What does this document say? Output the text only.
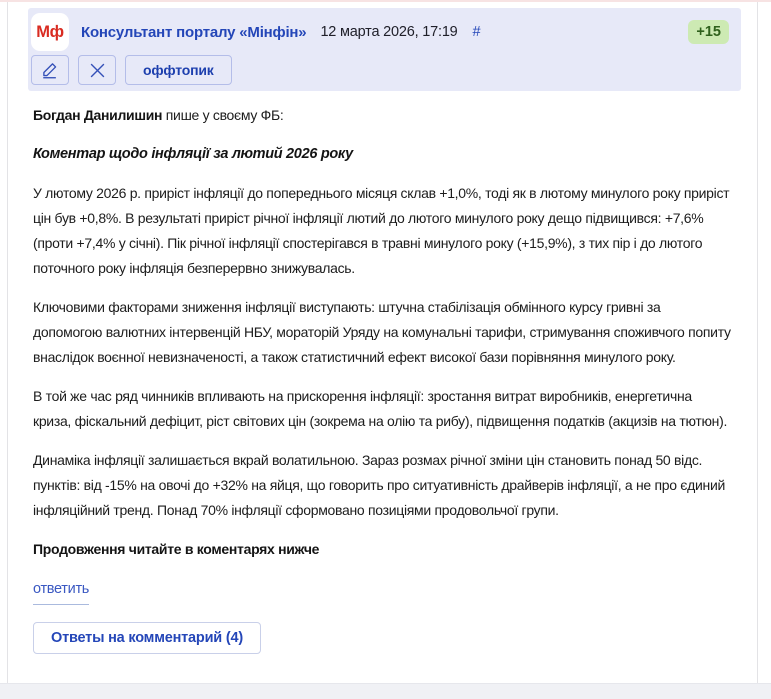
Мф Консультант порталу «Мінфін» 12 марта 2026, 17:19 #	+15
оффтопик

Богдан Данилишин пише у своєму ФБ:

Коментар щодо інфляції за лютий 2026 року

У лютому 2026 р. приріст інфляції до попереднього місяця склав +1,0%, тоді як в лютому минулого року приріст цін був +0,8%. В результаті приріст річної інфляції лютий до лютого минулого року дещо підвищився: +7,6% (проти +7,4% у січні). Пік річної інфляції спостерігався в травні минулого року (+15,9%), з тих пір і до лютого поточного року інфляція безперервно знижувалась.

Ключовими факторами зниження інфляції виступають: штучна стабілізація обмінного курсу гривні за допомогою валютних інтервенцій НБУ, мораторій Уряду на комунальні тарифи, стримування споживчого попиту внаслідок воєнної невизначеності, а також статистичний ефект високої бази порівняння минулого року.

В той же час ряд чинників впливають на прискорення інфляції: зростання витрат виробників, енергетична криза, фіскальний дефіцит, ріст світових цін (зокрема на олію та рибу), підвищення податків (акцизів на тютюн).

Динаміка інфляції залишається вкрай волатильною. Зараз розмах річної зміни цін становить понад 50 відс. пунктів: від -15% на овочі до +32% на яйця, що говорить про ситуативність драйверів інфляції, а не про єдиний інфляційний тренд. Понад 70% інфляції сформовано позиціями продовольчої групи.

Продовження читайте в коментарях нижче

ответить
Ответы на комментарий (4)
